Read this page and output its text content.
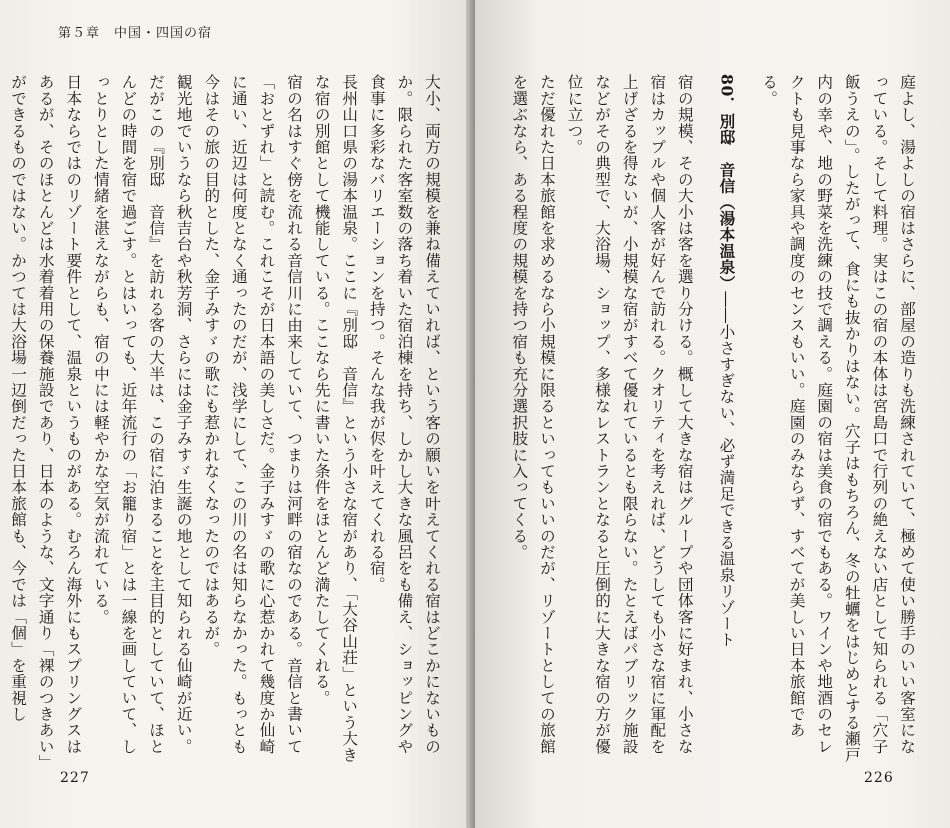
第５章　中国・四国の宿

大小、両方の規模を兼ね備えていれば、という客の願いを叶えてくれる宿はどこかにないものか。限られた客室数の落ち着いた宿泊棟を持ち、しかし大きな風呂をも備え、ショッピングや食事に多彩なバリエーションを持つ。そんな我が侭を叶えてくれる宿。

長州山口県の湯本温泉。ここに『別邸　音信』という小さな宿があり、「大谷山荘」という大きな宿の別館として機能している。ここなら先に書いた条件をほとんど満たしてくれる。

宿の名はすぐ傍を流れる音信川に由来していて、つまりは河畔の宿なのである。音信と書いて「おとずれ」と読む。これこそが日本語の美しさだ。金子みすゞの歌に心惹かれて幾度か仙崎に通い、近辺は何度となく通ったのだが、浅学にして、この川の名は知らなかった。もっとも今はその旅の目的とした、金子みすゞの歌にも惹かれなくなったのではあるが。

観光地でいうなら秋吉台や秋芳洞、さらには金子みすゞ生誕の地として知られる仙崎が近い。だがこの『別邸　音信』を訪れる客の大半は、この宿に泊まることを主目的としていて、ほとんどの時間を宿で過ごす。とはいっても、近年流行の「お籠り宿」とは一線を画していて、しっとりとした情緒を湛えながらも、宿の中には軽やかな空気が流れている。

日本ならではのリゾート要件として、温泉というものがある。むろん海外にもスプリングスはあるが、そのほとんどは水着着用の保養施設であり、日本のような、文字通り「裸のつきあい」ができるものではない。かつては大浴場一辺倒だった日本旅館も、今では「個」を重視し

227

庭よし、湯よしの宿はさらに、部屋の造りも洗練されていて、極めて使い勝手のいい客室になっている。そして料理。実はこの宿の本体は宮島口で行列の絶えない店として知られる「穴子飯うえの」。したがって、食にも抜かりはない。穴子はもちろん、冬の牡蠣をはじめとする瀬戸内の幸や、地の野菜を洗練の技で調える。庭園の宿は美食の宿でもある。ワインや地酒のセレクトも見事なら家具や調度のセンスもいい。庭園のみならず、すべてが美しい日本旅館である。

80．別邸　音信（湯本温泉）――小さすぎない、必ず満足できる温泉リゾート

宿の規模、その大小は客を選り分ける。概して大きな宿はグループや団体客に好まれ、小さな宿はカップルや個人客が好んで訪れる。クオリティを考えれば、どうしても小さな宿に軍配を上げざるを得ないが、小規模な宿がすべて優れているとも限らない。たとえばパブリック施設などがその典型で、大浴場、ショップ、多様なレストランとなると圧倒的に大きな宿の方が優位に立つ。

ただ優れた日本旅館を求めるなら小規模に限るといってもいいのだが、リゾートとしての旅館を選ぶなら、ある程度の規模を持つ宿も充分選択肢に入ってくる。

226
